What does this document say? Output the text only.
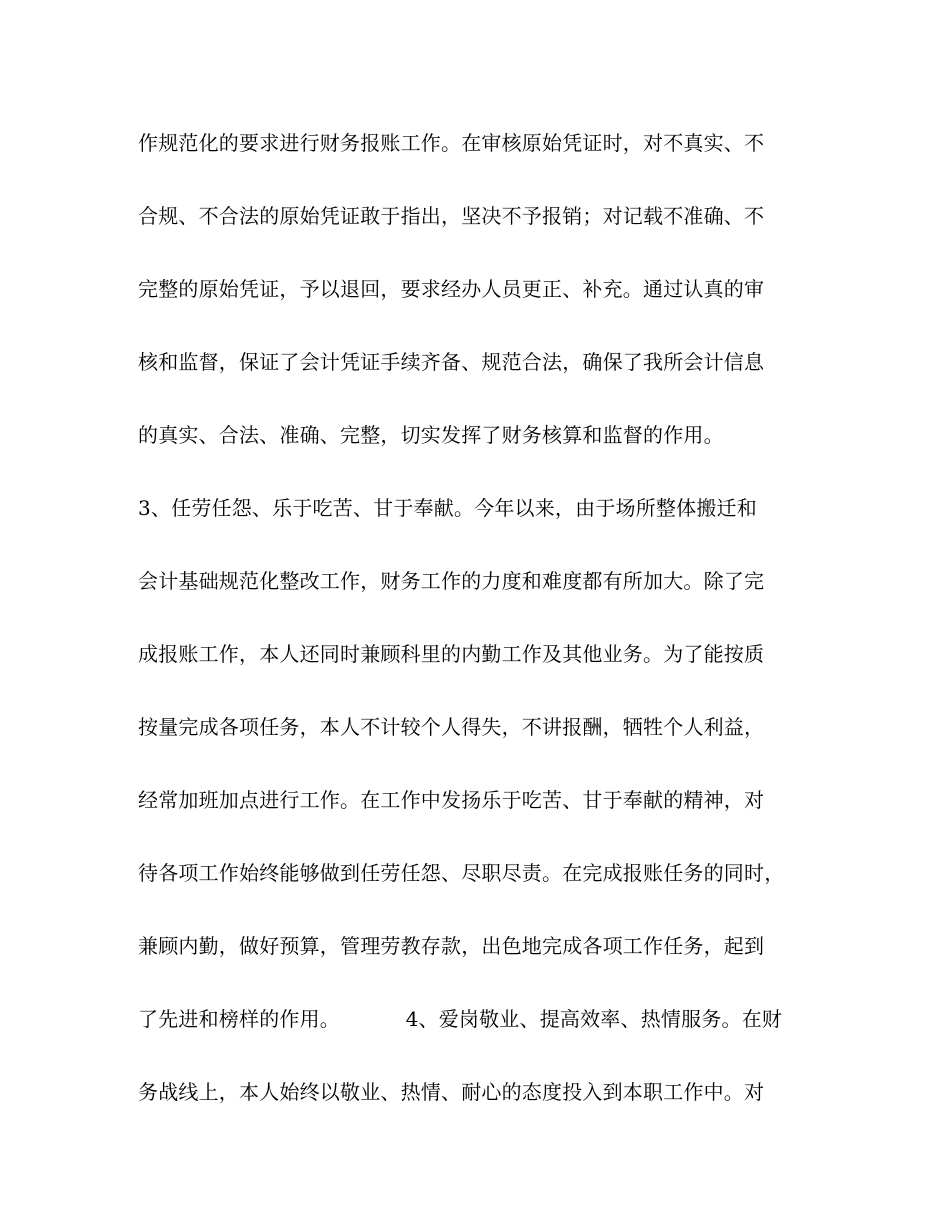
作规范化的要求进行财务报账工作。在审核原始凭证时，对不真实、不
合规、不合法的原始凭证敢于指出，坚决不予报销；对记载不准确、不
完整的原始凭证，予以退回，要求经办人员更正、补充。通过认真的审
核和监督，保证了会计凭证手续齐备、规范合法，确保了我所会计信息
的真实、合法、准确、完整，切实发挥了财务核算和监督的作用。
3、任劳任怨、乐于吃苦、甘于奉献。今年以来，由于场所整体搬迁和
会计基础规范化整改工作，财务工作的力度和难度都有所加大。除了完
成报账工作，本人还同时兼顾科里的内勤工作及其他业务。为了能按质
按量完成各项任务，本人不计较个人得失，不讲报酬，牺牲个人利益，
经常加班加点进行工作。在工作中发扬乐于吃苦、甘于奉献的精神，对
待各项工作始终能够做到任劳任怨、尽职尽责。在完成报账任务的同时，
兼顾内勤，做好预算，管理劳教存款，出色地完成各项工作任务，起到
了先进和榜样的作用。          4、爱岗敬业、提高效率、热情服务。在财
务战线上，本人始终以敬业、热情、耐心的态度投入到本职工作中。对
